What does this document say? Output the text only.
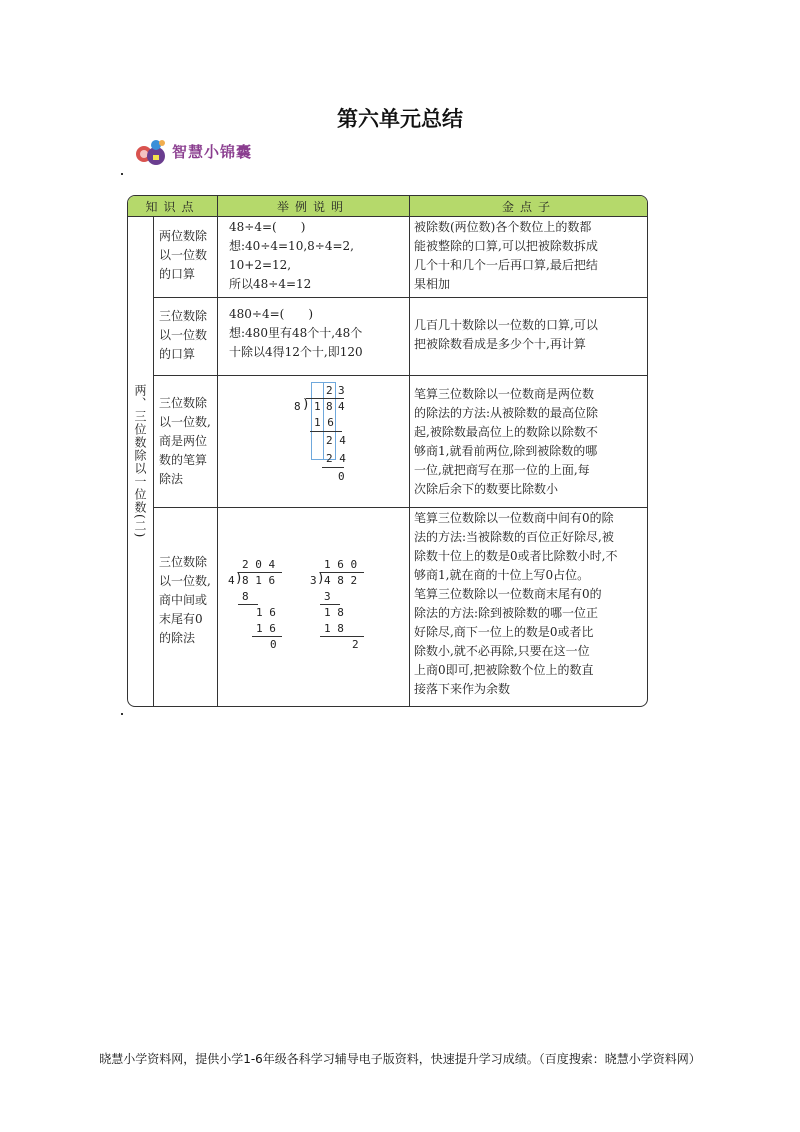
第六单元总结
智慧小锦囊
知识点	举例说明	金点子
两、三位数除以一位数(二)
两位数除
以一位数
的口算
48÷4=(　　)
想:40÷4=10,8÷4=2,
10+2=12,
所以48÷4=12
被除数(两位数)各个数位上的数都
能被整除的口算,可以把被除数拆成
几个十和几个一后再口算,最后把结
果相加
三位数除
以一位数
的口算
480÷4=(　　)
想:480里有48个十,48个
十除以4得12个十,即120
几百几十数除以一位数的口算,可以
把被除数看成是多少个十,再计算
三位数除
以一位数,
商是两位
数的笔算
除法
2 3
8 ) 1 8 4
1 6
2 4
2 4
0
笔算三位数除以一位数商是两位数
的除法的方法:从被除数的最高位除
起,被除数最高位上的数除以除数不
够商1,就看前两位,除到被除数的哪
一位,就把商写在那一位的上面,每
次除后余下的数要比除数小
三位数除
以一位数,
商中间或
末尾有0
的除法
2 0 4
4 ) 8 1 6
8
1 6
1 6
0
1 6 0
3 ) 4 8 2
3
1 8
1 8
2
笔算三位数除以一位数商中间有0的除
法的方法:当被除数的百位正好除尽,被
除数十位上的数是0或者比除数小时,不
够商1,就在商的十位上写0占位。
笔算三位数除以一位数商末尾有0的
除法的方法:除到被除数的哪一位正
好除尽,商下一位上的数是0或者比
除数小,就不必再除,只要在这一位
上商0即可,把被除数个位上的数直
接落下来作为余数
晓慧小学资料网，提供小学1-6年级各科学习辅导电子版资料，快速提升学习成绩。（百度搜索：晓慧小学资料网）
